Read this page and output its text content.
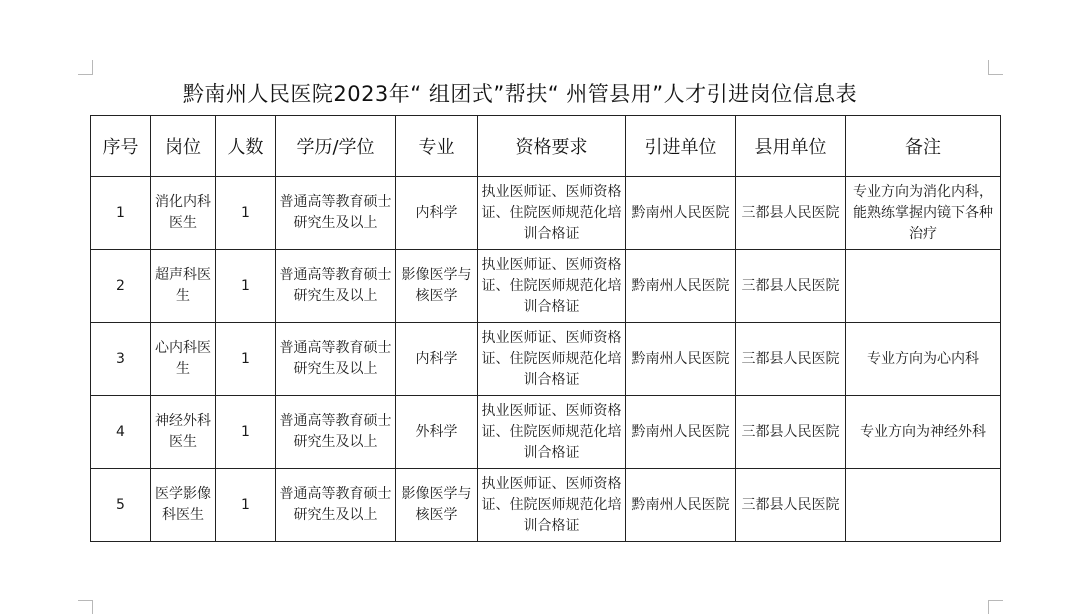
黔南州人民医院2023年“ 组团式”帮扶“ 州管县用”人才引进岗位信息表
序号	岗位	人数	学历/学位	专业	资格要求	引进单位	县用单位	备注
1	消化内科医生	1	普通高等教育硕士研究生及以上	内科学	执业医师证、医师资格证、住院医师规范化培训合格证	黔南州人民医院	三都县人民医院	专业方向为消化内科，能熟练掌握内镜下各种治疗
2	超声科医生	1	普通高等教育硕士研究生及以上	影像医学与核医学	执业医师证、医师资格证、住院医师规范化培训合格证	黔南州人民医院	三都县人民医院	
3	心内科医生	1	普通高等教育硕士研究生及以上	内科学	执业医师证、医师资格证、住院医师规范化培训合格证	黔南州人民医院	三都县人民医院	专业方向为心内科
4	神经外科医生	1	普通高等教育硕士研究生及以上	外科学	执业医师证、医师资格证、住院医师规范化培训合格证	黔南州人民医院	三都县人民医院	专业方向为神经外科
5	医学影像科医生	1	普通高等教育硕士研究生及以上	影像医学与核医学	执业医师证、医师资格证、住院医师规范化培训合格证	黔南州人民医院	三都县人民医院	
